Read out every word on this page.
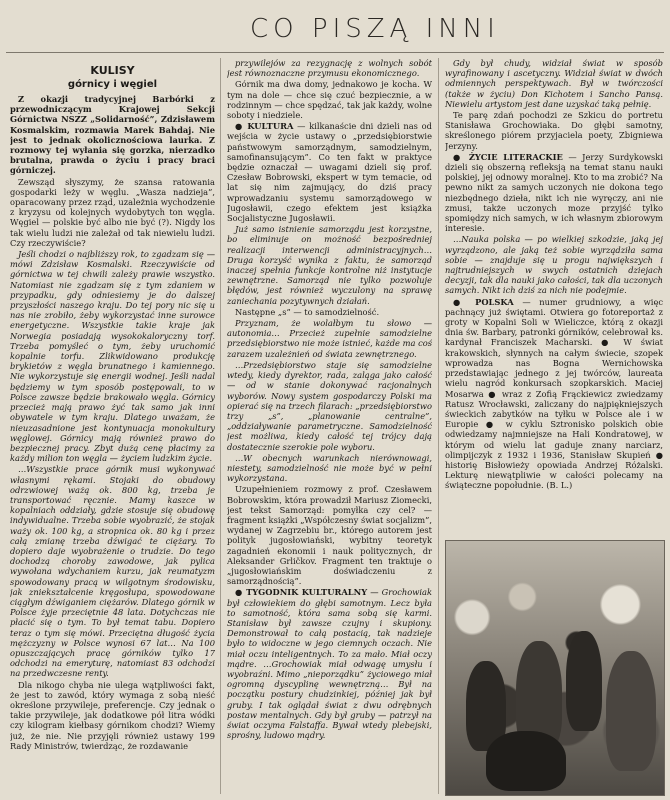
CO PISZĄ INNI
KULISY
górnicy i węgiel

Z okazji tradycyjnej Barbórki z przewodniczącym Krajowej Sekcji Górnictwa NSZZ „Solidarność”, Zdzisławem Kosmalskim, rozmawia Marek Bahdaj. Nie jest to jednak okolicznościowa laurka. Z rozmowy tej wyłania się gorzka, nierzadko brutalna, prawda o życiu i pracy braci górniczej.

Zewsząd słyszymy, że szansa ratowania gospodarki leży w węglu. „Wasza nadzieja”, oparacowany przez rząd, uzależnia wychodzenie z kryzysu od kolejnych wydobytych ton węgla. Węgiel — polskie być albo nie być (?). Nigdy los tak wielu ludzi nie zależał od tak niewielu ludzi. Czy rzeczywiście?

Jeśli chodzi o najbliższy rok, to zgadzam się — mówi Zdzisław Kosmalski. Rzeczywiście od górnictwa w tej chwili zależy prawie wszystko. Natomiast nie zgadzam się z tym zdaniem w przypadku, gdy odniesiemy je do dalszej przyszłości naszego kraju. Do tej pory nic się u nas nie zrobiło, żeby wykorzystać inne surowce energetyczne. Wszystkie takie kraje jak Norwegia posiadają wysokokaloryczny torf. Trzeba pomyśleć o tym, żeby uruchomić kopalnie torfu. Zlikwidowano produkcję brykietów z węgla brunatnego i kamiennego. Nie wykorzystuje się energii wodnej. Jeśli nadal będziemy w tym sposób postępowali, to w Polsce zawsze będzie brakowało węgla. Górnicy przecież mają prawo żyć tak samo jak inni obywatele w tym kraju. Dlatego uważam, że nieuzasadnione jest kontynuacja monokultury węglowej. Górnicy mają również prawo do bezpiecznej pracy. Zbyt dużą cenę płacimy za każdy milion ton węgla — życiem ludzkim życie.

…Wszystkie prace górnik musi wykonywać własnymi rękami. Stojaki do obudowy odrzwiowej ważą ok. 800 kg, trzeba je transportować ręcznie. Mamy kaszce w kopalniach oddziały, gdzie stosuje się obudowę indywidualne. Trzeba sobie wyobrazić, że stojak waży ok. 100 kg, a stropnica ok. 80 kg i przez całą zmianę trzeba dźwigać te ciężary. To dopiero daje wyobrażenie o trudzie. Do tego dochodzą choroby zawodowe, jak pylica wywołana wdychaniem kurzu, jak reumatyzm spowodowany pracą w wilgotnym środowisku, jak zniekształcenie kręgosłupa, spowodowane ciągłym dźwiganiem ciężarów. Dlatego górnik w Polsce żyje przeciętnie 48 lata. Dotychczas nie płacić się o tym. To był temat tabu. Dopiero teraz o tym się mówi. Przeciętna długość życia mężczyzny w Polsce wynosi 67 lat… Na 100 opuszczających pracę górników tylko 17 odchodzi na emeryturę, natomiast 83 odchodzi na przedwczesne renty.

Dla nikogo chyba nie ulega wątpliwości fakt, że jest to zawód, który wymaga z sobą nieść określone przywileje, preferencje. Czy jednak o takie przywileje, jak dodatkowe pół litra wódki czy kilogram kiełbasy górnikom chodzi? Wiemy już, że nie. Nie przyjęli również ustawy 199 Rady Ministrów, twierdząc, że rozdawanie

przywilejów za rezygnację z wolnych sobót jest równoznaczne przymusu ekonomicznego.

Górnik ma dwa domy, jednakowo je kocha. W tym na dole — chce się czuć bezpiecznie, a w rodzinnym — chce spędzać, tak jak każdy, wolne soboty i niedziele.

● KULTURA — kilkanaście dni dzieli nas od wejścia w życie ustawy o „przedsiębiorstwie państwowym samorządnym, samodzielnym, samofinansującym”. Co ten fakt w praktyce będzie oznaczał — uwagami dzieli się prof. Czesław Bobrowski, ekspert w tym temacie, od lat się nim zajmujący, do dziś pracy wprowadzaniu systemu samorządowego w Jugosławii, czego efektem jest książka Socjalistyczne Jugosławii.

Już samo istnienie samorządu jest korzystne, bo eliminuje on możność bezpośredniej realizacji interwencji administracyjnych… Druga korzyść wynika z faktu, że samorząd inaczej spełnia funkcje kontrolne niż instytucje zewnętrzne. Samorząd nie tylko pozwoluje błędów, jest również wyczulony na sprawę zaniechania pozytywnych działań.

Następne „s” — to samodzielność.

Przyznam, że wolałbym tu słowo — autonomia… Przecież zupełnie samodzielne przedsiębiorstwo nie może istnieć, każde ma coś zarazem uzależnień od świata zewnętrznego.

…Przedsiębiorstwo staje się samodzielne wtedy, kiedy dyrektor, rada, zaląga jako całość — od w stanie dokonywać racjonalnych wyborów. Nowy system gospodarczy Polski ma opierać się na trzech filarach: „przedsiębiorstwo trzy „s”, „planowanie centralne”, „oddziaływanie parametryczne. Samodzielność jest możliwa, kiedy całość tej trójcy dają dostatecznie szerokie pole wyboru.

…W obecnych warunkach nierównowagi, niestety, samodzielność nie może być w pełni wykorzystana.

Uzupełnieniem rozmowy z prof. Czesławem Bobrowskim, która prowadził Mariusz Ziomecki, jest tekst Samorząd: pomyłka czy cel? — fragment książki „Współczesny świat socjalizm”, wydanej w Zagrzebiu br., którego autorem jest polityk jugosłowiański, wybitny teoretyk zagadnień ekonomii i nauk politycznych, dr Aleksander Grličkov. Fragment ten traktuje o „jugosłowiańskim doświadczeniu z samorządnością”.

● TYGODNIK KULTURALNY — Grochowiak był człowiekiem do głębi samotnym. Lecz była to samotność, która sama sobą się karmi. Stanisław był zawsze czujny i skupiony. Demonstrował to całą postacią, tak nadzieje było to widoczne w jego ciemnych oczach. Nie miał oczu inteligentnych. To za mało. Miał oczy mądre. …Grochowiak miał odwagę umysłu i wyobraźni. Mimo „nieporządku” życiowego miał ogromną dyscyplinę wewnętrzną… Był na początku postury chudzinkiej, później jak był gruby. I tak oglądał świat z dwu odrębnych postaw mentalnych. Gdy był gruby — patrzył na świat oczyma Falstaffa. Bywał wtedy plebejski, sprośny, ludowo mądry.

Gdy był chudy, widział świat w sposób wyrafinowany i ascetyczny. Widział świat w dwóch odmiennych perspektywach. Był w twórczości (także w życiu) Don Kichotem i Sancho Pansą. Niewielu artystom jest dane uzyskać taką pełnię.

Te parę zdań pochodzi ze Szkicu do portretu Stanisława Grochowiaka. Do głębi samotny, skreślonego piórem przyjaciela poety, Zbigniewa Jerzyny.

● ŻYCIE LITERACKIE — Jerzy Surdykowski dzieli się obszerną refleksją na temat stanu nauki polskiej, jej odnowy moralnej. Kto to ma zrobić? Na pewno nikt za samych uczonych nie dokona tego niezbędnego dzieła, nikt ich nie wyręczy, ani nie zmusi, także uczonych moze przyjść tylko spomiędzy nich samych, w ich własnym zbiorowym interesie.

…Nauka polska — po wielkiej szkodzie, jaką jej wyrządzono, ale jaką też sobie wyrządziła sama sobie — znajduje się u progu największych i najtrudniejszych w swych ostatnich dziejach decyzji, tak dla nauki jako całości, tak dla uczonych samych. Nikt ich dziś za nich nie podejmie.

● POLSKA — numer grudniowy, a więc pachnący już świętami. Otwiera go fotoreportaż z groty w Kopalni Soli w Wieliczce, którą z okazji dnia św. Barbary, patronki górników, celebrował ks. kardynał Franciszek Macharski. ● W świat krakowskich, słynnych na całym świecie, szopek wprowadza nas Bogna Wernichowska przedstawiając jednego z jej twórców, laureata wielu nagród konkursach szopkarskich. Maciej Mosarwa ● wraz z Zofią Frąckiewicz zwiedzamy Ratusz Wrocławski, zaliczany do najpiękniejszych świeckich zabytków na tyłku w Polsce ale i w Europie ● w cyklu Sztronisko polskich obie odwiedzamy najmniejsze na Hali Kondratowej, w którym od wielu lat gaduje znany narciarz, olimpijczyk z 1932 i 1936, Stanisław Skupień ● historię Bisłowieży opowiada Andrzej Różalski. Lekturę niewątpliwie w całości polecamy na świąteczne popołudnie. (B. L.)
